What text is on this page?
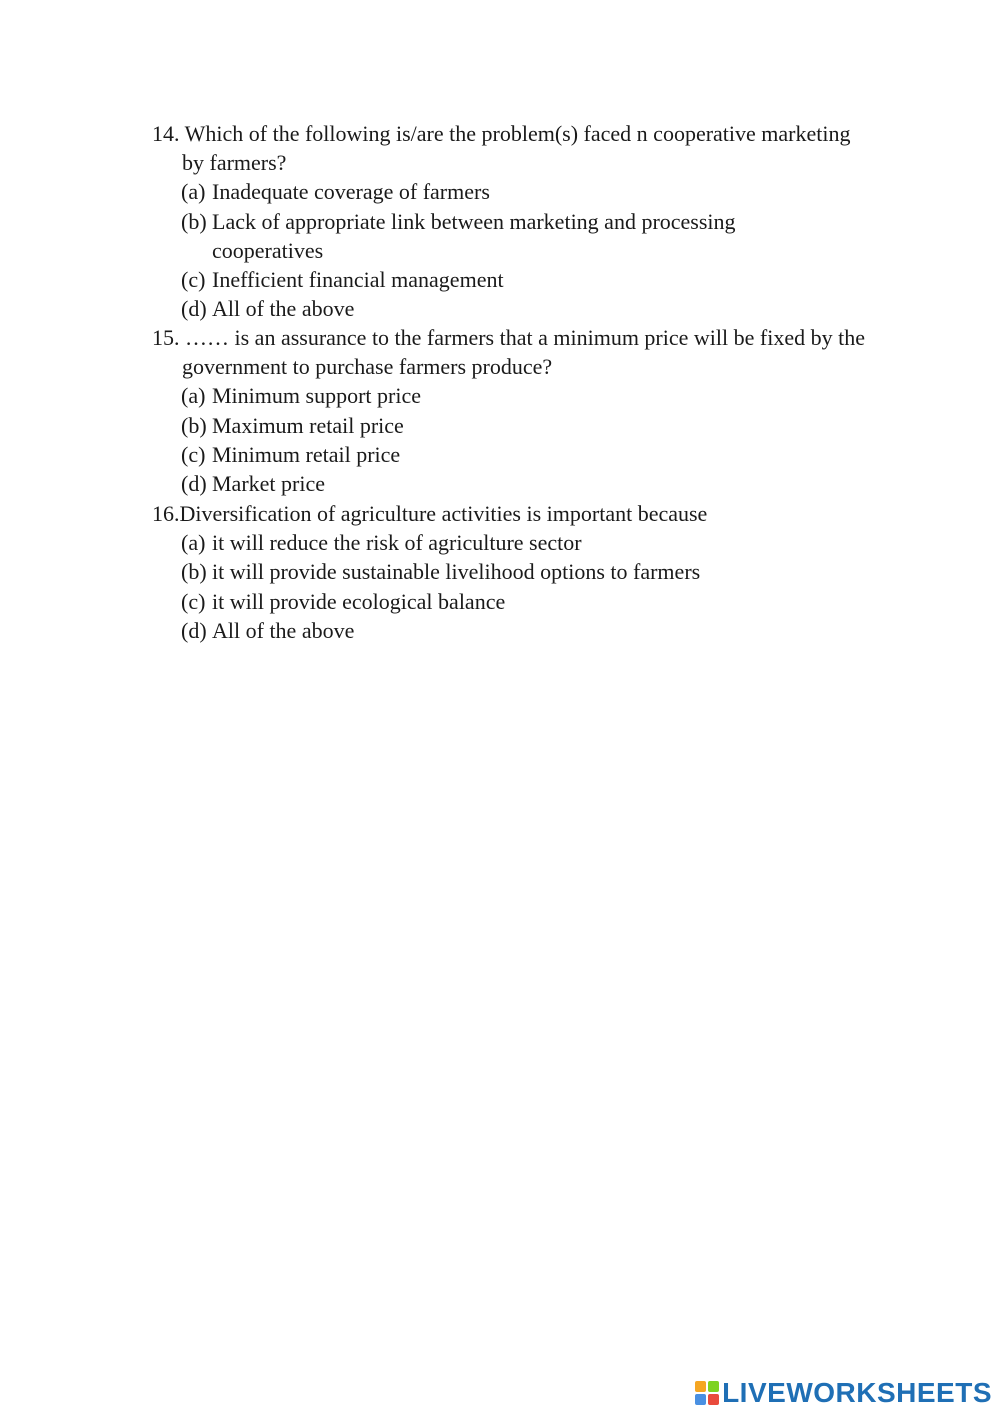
14. Which of the following is/are the problem(s) faced n cooperative marketing by farmers?
(a) Inadequate coverage of farmers
(b) Lack of appropriate link between marketing and processing cooperatives
(c) Inefficient financial management
(d) All of the above
15. …… is an assurance to the farmers that a minimum price will be fixed by the government to purchase farmers produce?
(a) Minimum support price
(b) Maximum retail price
(c) Minimum retail price
(d) Market price
16.Diversification of agriculture activities is important because
(a) it will reduce the risk of agriculture sector
(b) it will provide sustainable livelihood options to farmers
(c) it will provide ecological balance
(d) All of the above
LIVEWORKSHEETS
